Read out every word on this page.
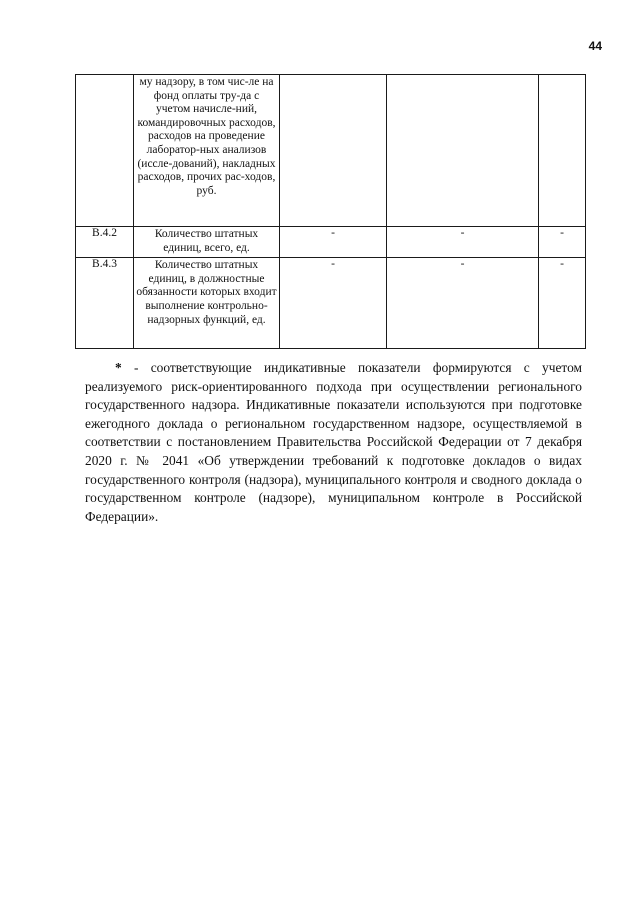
44
	му надзору, в том чис-ле на фонд оплаты тру-да с учетом начисле-ний, командировочных расходов, расходов на проведение лаборатор-ных анализов (иссле-дований), накладных расходов, прочих рас-ходов, руб.			
В.4.2	Количество штатных единиц, всего, ед.	-	-	-
В.4.3	Количество штатных единиц, в должностные обязанности которых входит выполнение контрольно-надзорных функций, ед.	-	-	-

* - соответствующие индикативные показатели формируются с учетом реализуемого риск-ориентированного подхода при осуществлении регионального государственного надзора. Индикативные показатели используются при подготовке ежегодного доклада о региональном государственном надзоре, осуществляемой в соответствии с постановлением Правительства Российской Федерации от 7 декабря 2020 г. № 2041 «Об утверждении требований к подготовке докладов о видах государственного контроля (надзора), муниципального контроля и сводного доклада о государственном контроле (надзоре), муниципальном контроле в Российской Федерации».
